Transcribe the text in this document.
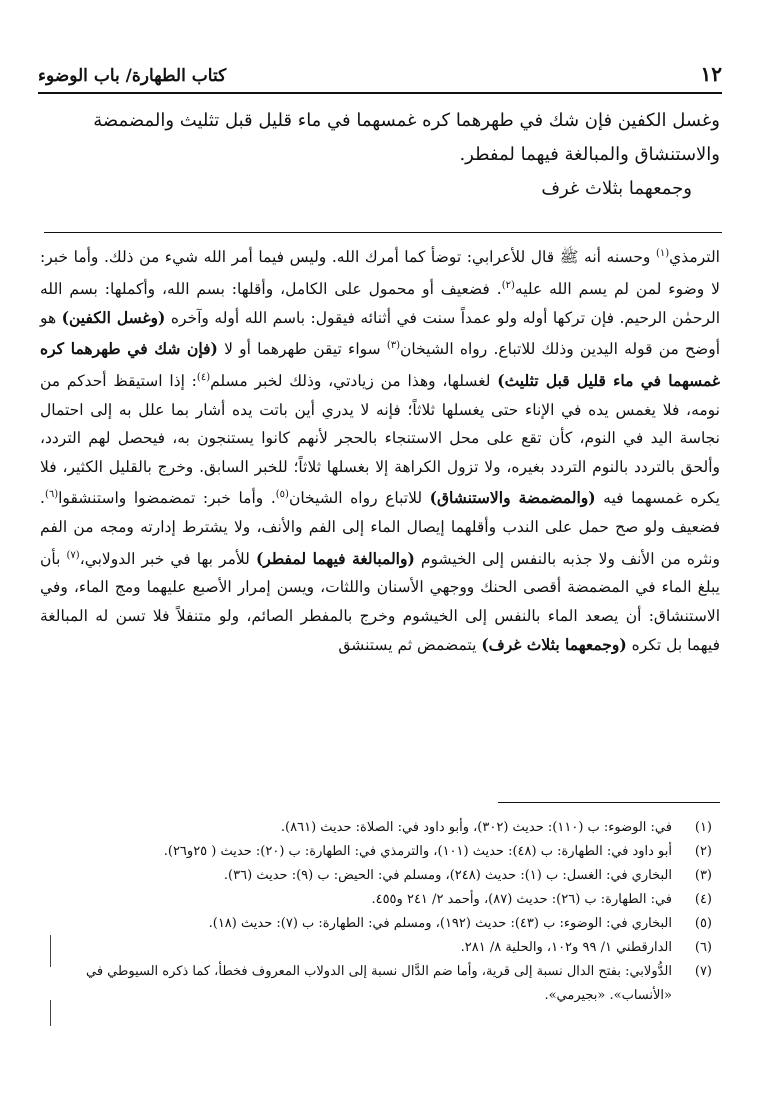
١٢
كتاب الطهارة/ باب الوضوء

وغسل الكفين فإن شك في طهرهما كره غمسهما في ماء قليل قبل تثليث والمضمضة

والاستنشاق والمبالغة فيهما لمفطر.

وجمعهما بثلاث غرف

الترمذي$^{(١)}$ وحسنه أنه ﷺ قال للأعرابي: توضأ كما أمرك الله. وليس فيما أمر الله شيء من ذلك. وأما خبر: لا وضوء لمن لم يسم الله عليه$^{(٢)}$. فضعيف أو محمول على الكامل، وأقلها: بسم الله، وأكملها: بسم الله الرحمٰن الرحيم. فإن تركها أوله ولو عمداً سنت في أثنائه فيقول: باسم الله أوله وآخره (وغسل الكفين) هو أوضح من قوله اليدين وذلك للاتباع. رواه الشيخان$^{(٣)}$ سواء تيقن طهرهما أو لا (فإن شك في طهرهما كره غمسهما في ماء قليل قبل تثليث) لغسلها، وهذا من زيادتي، وذلك لخبر مسلم$^{(٤)}$: إذا استيقظ أحدكم من نومه، فلا يغمس يده في الإناء حتى يغسلها ثلاثاً؛ فإنه لا يدري أين باتت يده أشار بما علل به إلى احتمال نجاسة اليد في النوم، كأن تقع على محل الاستنجاء بالحجر لأنهم كانوا يستنجون به، فيحصل لهم التردد، وألحق بالتردد بالنوم التردد بغيره، ولا تزول الكراهة إلا بغسلها ثلاثاً؛ للخبر السابق. وخرج بالقليل الكثير، فلا يكره غمسهما فيه (والمضمضة والاستنشاق) للاتباع رواه الشيخان$^{(٥)}$. وأما خبر: تمضمضوا واستنشقوا$^{(٦)}$. فضعيف ولو صح حمل على الندب وأقلهما إيصال الماء إلى الفم والأنف، ولا يشترط إدارته ومجه من الفم ونثره من الأنف ولا جذبه بالنفس إلى الخيشوم (والمبالغة فيهما لمفطر) للأمر بها في خبر الدولابي،$^{(٧)}$ بأن يبلغ الماء في المضمضة أقصى الحنك ووجهي الأسنان واللثات، ويسن إمرار الأصبع عليهما ومج الماء، وفي الاستنشاق: أن يصعد الماء بالنفس إلى الخيشوم وخرج بالمفطر الصائم، ولو متنفلاً فلا تسن له المبالغة فيهما بل تكره (وجمعهما بثلاث غرف) يتمضمض ثم يستنشق

(١)
في: الوضوء: ب (١١٠): حديث (٣٠٢)، وأبو داود في: الصلاة: حديث (٨٦١).
(٢)
أبو داود في: الطهارة: ب (٤٨): حديث (١٠١)، والترمذي في: الطهارة: ب (٢٠): حديث ( ٢٥و٢٦).
(٣)
البخاري في: الغسل: ب (١): حديث (٢٤٨)، ومسلم في: الحيض: ب (٩): حديث (٣٦).
(٤)
في: الطهارة: ب (٢٦): حديث (٨٧)، وأحمد ٢/ ٢٤١ و٤٥٥.
(٥)
البخاري في: الوضوء: ب (٤٣): حديث (١٩٢)، ومسلم في: الطهارة: ب (٧): حديث (١٨).
(٦)
الدارقطني ١/ ٩٩ و١٠٢، والحلية ٨/ ٢٨١.
(٧)
الدُّولابي: بفتح الدال نسبة إلى قرية، وأما ضم الدَّال نسبة إلى الدولاب المعروف فخطأ، كما ذكره السيوطي في «الأنساب». «بجيرمي».
